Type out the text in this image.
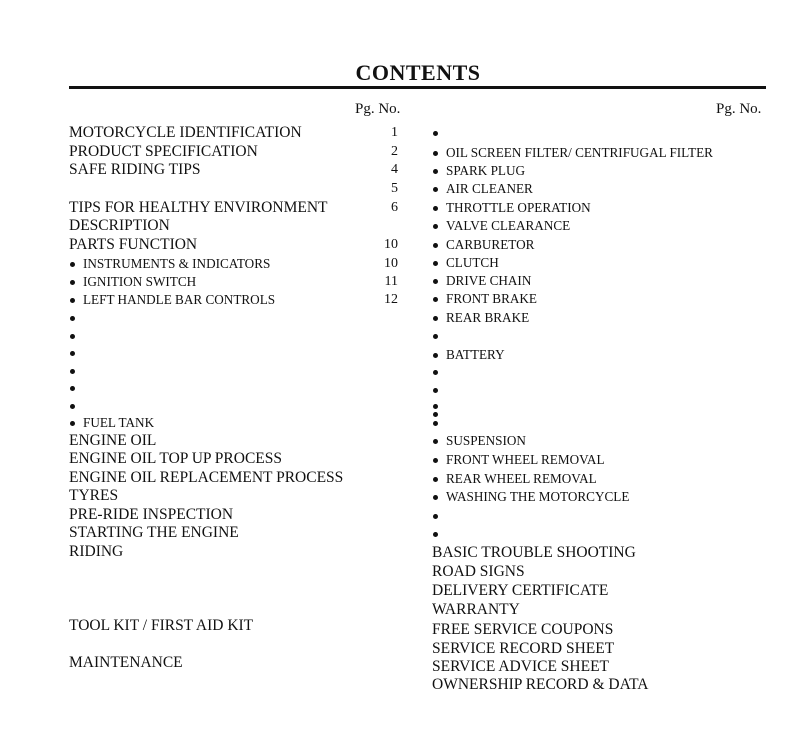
CONTENTS
Pg. No.	Pg. No.
MOTORCYCLE IDENTIFICATION	1
PRODUCT SPECIFICATION	2
SAFE RIDING TIPS	4
5
TIPS FOR HEALTHY ENVIRONMENT	6
DESCRIPTION
PARTS FUNCTION	10
INSTRUMENTS & INDICATORS	10
IGNITION SWITCH	11
LEFT HANDLE BAR CONTROLS	12
FUEL TANK
ENGINE OIL
ENGINE OIL TOP UP PROCESS
ENGINE OIL REPLACEMENT PROCESS
TYRES
PRE-RIDE INSPECTION
STARTING THE ENGINE
RIDING
TOOL KIT / FIRST AID KIT
MAINTENANCE
OIL SCREEN FILTER/ CENTRIFUGAL FILTER
SPARK PLUG
AIR CLEANER
THROTTLE OPERATION
VALVE CLEARANCE
CARBURETOR
CLUTCH
DRIVE CHAIN
FRONT BRAKE
REAR BRAKE
BATTERY
SUSPENSION
FRONT WHEEL REMOVAL
REAR WHEEL REMOVAL
WASHING THE MOTORCYCLE
BASIC TROUBLE SHOOTING
ROAD SIGNS
DELIVERY CERTIFICATE
WARRANTY
FREE SERVICE COUPONS
SERVICE RECORD SHEET
SERVICE ADVICE SHEET
OWNERSHIP RECORD & DATA
